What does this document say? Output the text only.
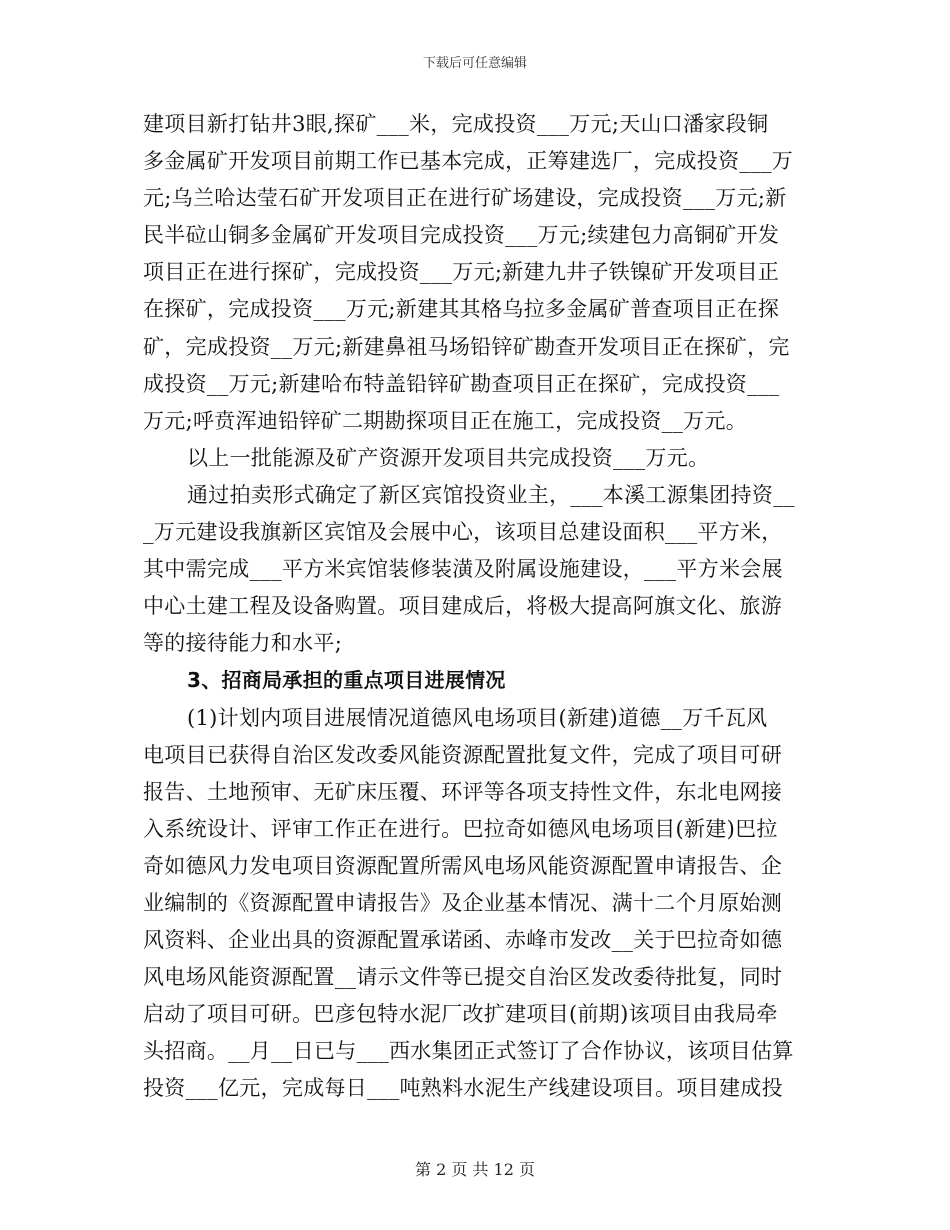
下载后可任意编辑
建项目新打钻井3眼,探矿___米，完成投资___万元;天山口潘家段铜
多金属矿开发项目前期工作已基本完成，正筹建选厂，完成投资___万
元;乌兰哈达莹石矿开发项目正在进行矿场建设，完成投资___万元;新
民半砬山铜多金属矿开发项目完成投资___万元;续建包力高铜矿开发
项目正在进行探矿，完成投资___万元;新建九井子铁镍矿开发项目正
在探矿，完成投资___万元;新建其其格乌拉多金属矿普查项目正在探
矿，完成投资__万元;新建鼻祖马场铅锌矿勘查开发项目正在探矿，完
成投资__万元;新建哈布特盖铅锌矿勘查项目正在探矿，完成投资___
万元;呼贲浑迪铅锌矿二期勘探项目正在施工，完成投资__万元。
以上一批能源及矿产资源开发项目共完成投资___万元。
通过拍卖形式确定了新区宾馆投资业主，___本溪工源集团持资__
_万元建设我旗新区宾馆及会展中心，该项目总建设面积___平方米，
其中需完成___平方米宾馆装修装潢及附属设施建设，___平方米会展
中心土建工程及设备购置。项目建成后，将极大提高阿旗文化、旅游
等的接待能力和水平;
3、招商局承担的重点项目进展情况
(1)计划内项目进展情况道德风电场项目(新建)道德__万千瓦风
电项目已获得自治区发改委风能资源配置批复文件，完成了项目可研
报告、土地预审、无矿床压覆、环评等各项支持性文件，东北电网接
入系统设计、评审工作正在进行。巴拉奇如德风电场项目(新建)巴拉
奇如德风力发电项目资源配置所需风电场风能资源配置申请报告、企
业编制的《资源配置申请报告》及企业基本情况、满十二个月原始测
风资料、企业出具的资源配置承诺函、赤峰市发改__关于巴拉奇如德
风电场风能资源配置__请示文件等已提交自治区发改委待批复，同时
启动了项目可研。巴彦包特水泥厂改扩建项目(前期)该项目由我局牵
头招商。__月__日已与___西水集团正式签订了合作协议，该项目估算
投资___亿元，完成每日___吨熟料水泥生产线建设项目。项目建成投
第 2 页 共 12 页
